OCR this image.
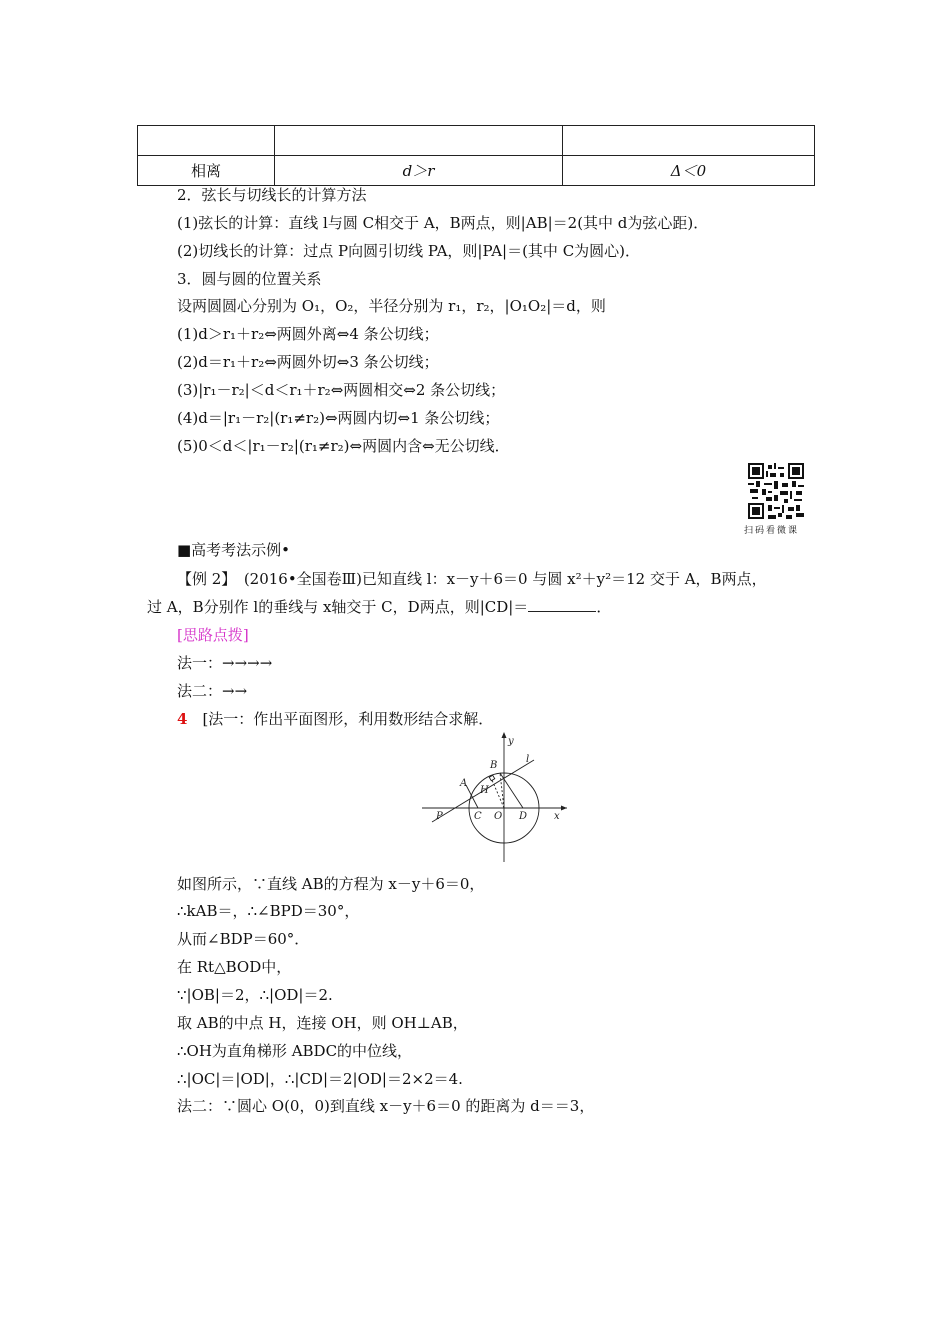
相离	d＞r	Δ＜0
2．弦长与切线长的计算方法
(1)弦长的计算：直线 l与圆 C相交于 A，B两点，则|AB|＝2(其中 d为弦心距)．
(2)切线长的计算：过点 P向圆引切线 PA，则|PA|＝(其中 C为圆心)．
3．圆与圆的位置关系
设两圆圆心分别为 O₁，O₂，半径分别为 r₁，r₂，|O₁O₂|＝d，则
(1)d＞r₁＋r₂⇔两圆外离⇔4 条公切线；
(2)d＝r₁＋r₂⇔两圆外切⇔3 条公切线；
(3)|r₁－r₂|＜d＜r₁＋r₂⇔两圆相交⇔2 条公切线；
(4)d＝|r₁－r₂|(r₁≠r₂)⇔两圆内切⇔1 条公切线；
(5)0＜d＜|r₁－r₂|(r₁≠r₂)⇔两圆内含⇔无公切线．
扫码看微课
■高考考法示例•
【例 2】　(2016•全国卷Ⅲ)已知直线 l：x－y＋6＝0 与圆 x²＋y²＝12 交于 A，B两点，
过 A，B分别作 l的垂线与 x轴交于 C，D两点，则|CD|＝	．
[思路点拨]
法一：→→→→
法二：→→
4　[法一：作出平面图形，利用数形结合求解．
y
l
B
A
H
P	C O D	x
如图所示，∵直线 AB的方程为 x－y＋6＝0，
∴kAB＝，∴∠BPD＝30°，
从而∠BDP＝60°．
在 Rt△BOD中，
∵|OB|＝2，∴|OD|＝2.
取 AB的中点 H，连接 OH，则 OH⊥AB，
∴OH为直角梯形 ABDC的中位线，
∴|OC|＝|OD|，∴|CD|＝2|OD|＝2×2＝4.
法二：∵圆心 O(0，0)到直线 x－y＋6＝0 的距离为 d＝＝3，
